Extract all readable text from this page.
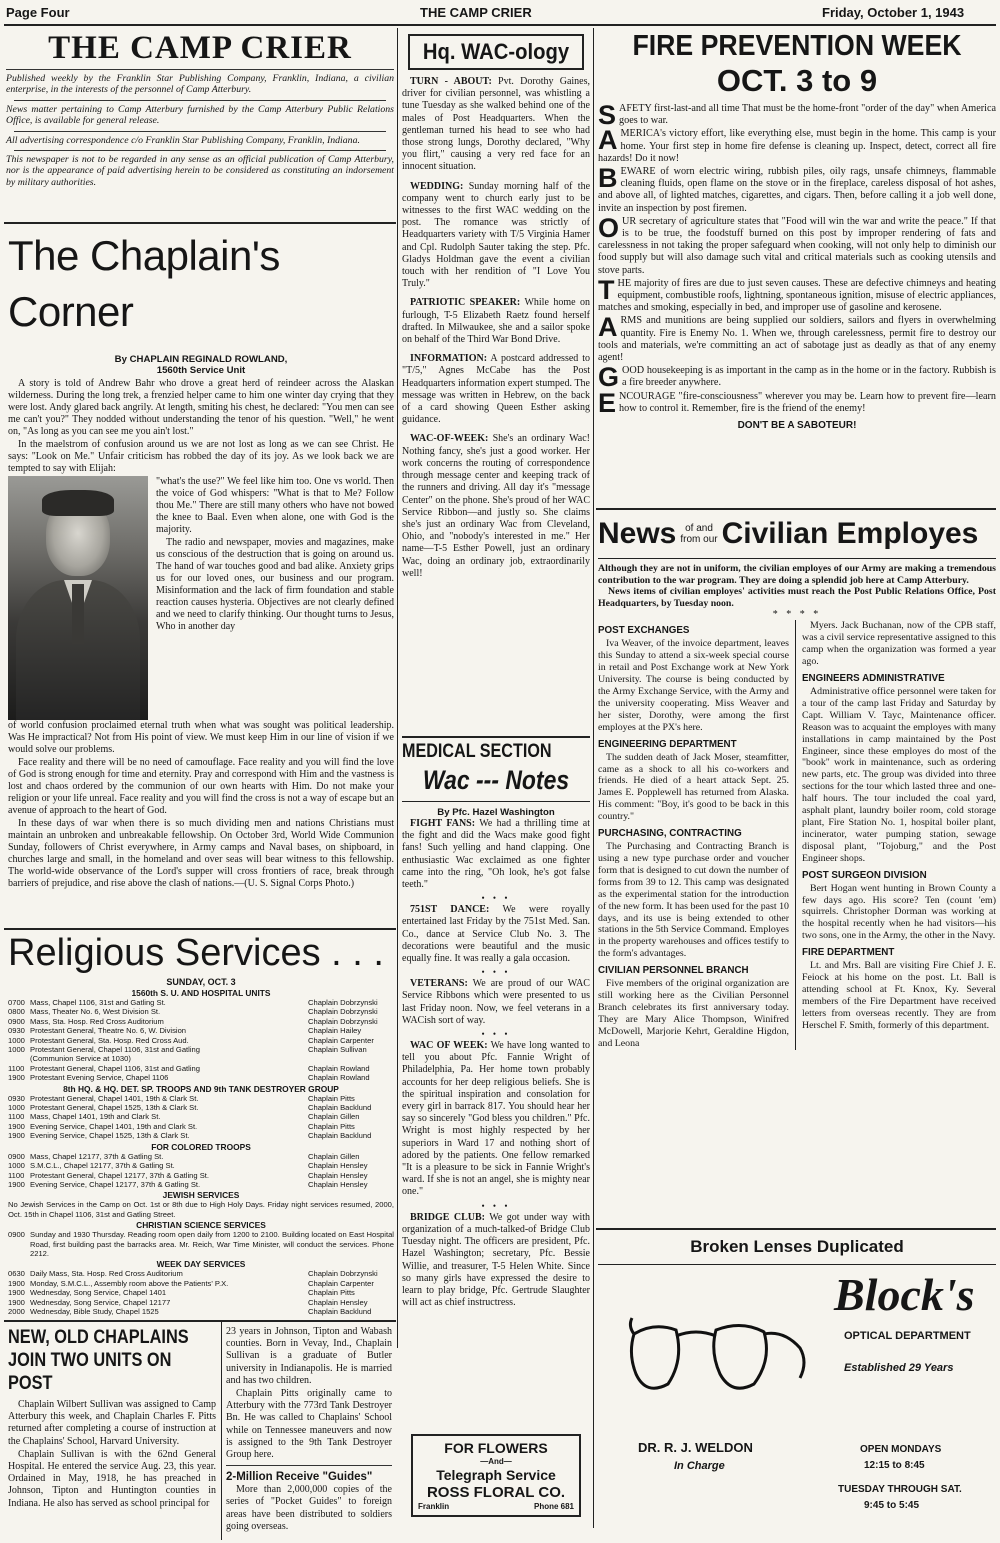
Page Four	THE CAMP CRIER	Friday, October 1, 1943
THE CAMP CRIER
Published weekly by the Franklin Star Publishing Company, Franklin, Indiana, a civilian enterprise, in the interests of the personnel of Camp Atterbury.
News matter pertaining to Camp Atterbury furnished by the Camp Atterbury Public Relations Office, is available for general release.
All advertising correspondence c/o Franklin Star Publishing Company, Franklin, Indiana.
This newspaper is not to be regarded in any sense as an official publication of Camp Atterbury, nor is the appearance of paid advertising herein to be considered as constituting an indorsement by military authorities.
The Chaplain's Corner
By CHAPLAIN REGINALD ROWLAND,
1560th Service Unit

A story is told of Andrew Bahr who drove a great herd of reindeer across the Alaskan wilderness. During the long trek, a frenzied helper came to him one winter day crying that they were lost. Andy glared back angrily. At length, smiting his chest, he declared: "You men can see me can't you?" They nodded without understanding the tenor of his question. "Well," he went on, "As long as you can see me you ain't lost."

In the maelstrom of confusion around us we are not lost as long as we can see Christ. He says: "Look on Me." Unfair criticism has robbed the day of its joy. As we look back we are tempted to say with Elijah:

"what's the use?" We feel like him too. One vs world. Then the voice of God whispers: "What is that to Me? Follow thou Me." There are still many others who have not bowed the knee to Baal. Even when alone, one with God is the majority.

The radio and newspaper, movies and magazines, make us conscious of the destruction that is going on around us. The hand of war touches good and bad alike. Anxiety grips us for our loved ones, our business and our program. Misinformation and the lack of firm foundation and stable reaction causes hysteria. Objectives are not clearly defined and we need to clarify thinking. Our thought turns to Jesus, Who in another day

of world confusion proclaimed eternal truth when what was sought was political leadership. Was He impractical? Not from His point of view. We must keep Him in our line of vision if we would solve our problems.

Face reality and there will be no need of camouflage. Face reality and you will find the love of God is strong enough for time and eternity. Pray and correspond with Him and the vastness is lost and chaos ordered by the communion of our own hearts with Him. Do not make your religion or your life unreal. Face reality and you will find the cross is not a way of escape but an avenue of approach to the heart of God.

In these days of war when there is so much dividing men and nations Christians must maintain an unbroken and unbreakable fellowship. On October 3rd, World Wide Communion Sunday, followers of Christ everywhere, in Army camps and Naval bases, on shipboard, in churches large and small, in the homeland and over seas will bear witness to this fellowship. The world-wide observance of the Lord's supper will cross frontiers of race, break through barriers of prejudice, and rise above the clash of nations.—(U. S. Signal Corps Photo.)

Religious Services . . .
SUNDAY, OCT. 3
1560th S. U. AND HOSPITAL UNITS
0700 Mass, Chapel 1106, 31st and Gatling St.	Chaplain Dobrzynski
0800 Mass, Theater No. 6, West Division St.	Chaplain Dobrzynski
0900 Mass, Sta. Hosp. Red Cross Auditorium	Chaplain Dobrzynski
0930 Protestant General, Theatre No. 6, W. Division	Chaplain Hailey
1000 Protestant General, Sta. Hosp. Red Cross Aud.	Chaplain Carpenter
1000 Protestant General, Chapel 1106, 31st and Gatling	Chaplain Sullivan
(Communion Service at 1030)
1100 Protestant General, Chapel 1106, 31st and Gatling	Chaplain Rowland
1900 Protestant Evening Service, Chapel 1106	Chaplain Rowland
8th HQ. & HQ. DET. SP. TROOPS AND 9th TANK DESTROYER GROUP
0930 Protestant General, Chapel 1401, 19th & Clark St.	Chaplain Pitts
1000 Protestant General, Chapel 1525, 13th & Clark St.	Chaplain Backlund
1100 Mass, Chapel 1401, 19th and Clark St.	Chaplain Gillen
1900 Evening Service, Chapel 1401, 19th and Clark St.	Chaplain Pitts
1900 Evening Service, Chapel 1525, 13th & Clark St.	Chaplain Backlund
FOR COLORED TROOPS
0900 Mass, Chapel 12177, 37th & Gatling St.	Chaplain Gillen
1000 S.M.C.L., Chapel 12177, 37th & Gatling St.	Chaplain Hensley
1100 Protestant General, Chapel 12177, 37th & Gatling St.	Chaplain Hensley
1900 Evening Service, Chapel 12177, 37th & Gatling St.	Chaplain Hensley
JEWISH SERVICES
No Jewish Services in the Camp on Oct. 1st or 8th due to High Holy Days. Friday night services resumed, 2000, Oct. 15th in Chapel 1106, 31st and Gatling Street.
CHRISTIAN SCIENCE SERVICES
0900 Sunday and 1930 Thursday. Reading room open daily from 1200 to 2100. Building located on East Hospital Road, first building past the barracks area. Mr. Reich, War Time Minister, will conduct the services. Phone 2212.
WEEK DAY SERVICES
0630 Daily Mass, Sta. Hosp. Red Cross Auditorium	Chaplain Dobrzynski
1900 Monday, S.M.C.L., Assembly room above the Patients' P.X.	Chaplain Carpenter
1900 Wednesday, Song Service, Chapel 1401	Chaplain Pitts
1900 Wednesday, Song Service, Chapel 12177	Chaplain Hensley
2000 Wednesday, Bible Study, Chapel 1525	Chaplain Backlund
NEW, OLD CHAPLAINS JOIN TWO UNITS ON POST

Chaplain Wilbert Sullivan was assigned to Camp Atterbury this week, and Chaplain Charles F. Pitts returned after completing a course of instruction at the Chaplains' School, Harvard University.

Chaplain Sullivan is with the 62nd General Hospital. He entered the service Aug. 23, this year. Ordained in May, 1918, he has preached in Johnson, Tipton and Huntington counties in Indiana. He also has served as school principal for

23 years in Johnson, Tipton and Wabash counties. Born in Vevay, Ind., Chaplain Sullivan is a graduate of Butler university in Indianapolis. He is married and has two children.

Chaplain Pitts originally came to Atterbury with the 773rd Tank Destroyer Bn. He was called to Chaplains' School while on Tennessee maneuvers and now is assigned to the 9th Tank Destroyer Group here.

2-Million Receive "Guides"

More than 2,000,000 copies of the series of "Pocket Guides" to foreign areas have been distributed to soldiers going overseas.

Hq. WAC-ology

TURN - ABOUT: Pvt. Dorothy Gaines, driver for civilian personnel, was whistling a tune Tuesday as she walked behind one of the males of Post Headquarters. When the gentleman turned his head to see who had those strong lungs, Dorothy declared, "Why you flirt," causing a very red face for an innocent situation.

WEDDING: Sunday morning half of the company went to church early just to be witnesses to the first WAC wedding on the post. The romance was strictly of Headquarters variety with T/5 Virginia Hamer and Cpl. Rudolph Sauter taking the step. Pfc. Gladys Holdman gave the event a civilian touch with her rendition of "I Love You Truly."

PATRIOTIC SPEAKER: While home on furlough, T-5 Elizabeth Raetz found herself drafted. In Milwaukee, she and a sailor spoke on behalf of the Third War Bond Drive.

INFORMATION: A postcard addressed to "T/5," Agnes McCabe has the Post Headquarters information expert stumped. The message was written in Hebrew, on the back of a card showing Queen Esther asking guidance.

WAC-OF-WEEK: She's an ordinary Wac! Nothing fancy, she's just a good worker. Her work concerns the routing of correspondence through message center and keeping track of the runners and driving. All day it's "message Center" on the phone. She's proud of her WAC Service Ribbon—and justly so. She claims she's just an ordinary Wac from Cleveland, Ohio, and "nobody's interested in me." Her name—T-5 Esther Powell, just an ordinary Wac, doing an ordinary job, extraordinarily well!

MEDICAL SECTION
Wac --- Notes
By Pfc. Hazel Washington

FIGHT FANS: We had a thrilling time at the fight and did the Wacs make good fight fans! Such yelling and hand clapping. One enthusiastic Wac exclaimed as one fighter came into the ring, "Oh look, he's got false teeth."

• • •

751ST DANCE: We were royally entertained last Friday by the 751st Med. San. Co., dance at Service Club No. 3. The decorations were beautiful and the music equally fine. It was really a gala occasion.

• • •

VETERANS: We are proud of our WAC Service Ribbons which were presented to us last Friday noon. Now, we feel veterans in a WACish sort of way.

• • •

WAC OF WEEK: We have long wanted to tell you about Pfc. Fannie Wright of Philadelphia, Pa. Her home town probably accounts for her deep religious beliefs. She is the spiritual inspiration and consolation for every girl in barrack 817. You should hear her say so sincerely "God bless you children." Pfc. Wright is most highly respected by her superiors in Ward 17 and nothing short of adored by the patients. One fellow remarked "It is a pleasure to be sick in Fannie Wright's ward. If she is not an angel, she is mighty near one."

• • •

BRIDGE CLUB: We got under way with organization of a much-talked-of Bridge Club Tuesday night. The officers are president, Pfc. Hazel Washington; secretary, Pfc. Bessie Willie, and treasurer, T-5 Helen White. Since so many girls have expressed the desire to learn to play bridge, Pfc. Gertrude Slaughter will act as chief instructress.

FOR FLOWERS
—And—
Telegraph Service
ROSS FLORAL CO.
Franklin	Phone 681
FIRE PREVENTION WEEK
OCT. 3 to 9

SAFETY first-last-and all time That must be the home-front "order of the day" when America goes to war.

AMERICA's victory effort, like everything else, must begin in the home. This camp is your home. Your first step in home fire defense is cleaning up. Inspect, detect, correct all fire hazards! Do it now!

BEWARE of worn electric wiring, rubbish piles, oily rags, unsafe chimneys, flammable cleaning fluids, open flame on the stove or in the fireplace, careless disposal of hot ashes, and above all, of lighted matches, cigarettes, and cigars. Then, before calling it a job well done, invite an inspection by post firemen.

OUR secretary of agriculture states that "Food will win the war and write the peace." If that is to be true, the foodstuff burned on this post by improper rendering of fats and carelessness in not taking the proper safeguard when cooking, will not only help to diminish our food supply but will also damage such vital and critical materials such as cooking utensils and stove parts.

THE majority of fires are due to just seven causes. These are defective chimneys and heating equipment, combustible roofs, lightning, spontaneous ignition, misuse of electric appliances, matches and smoking, especially in bed, and improper use of gasoline and kerosene.

ARMS and munitions are being supplied our soldiers, sailors and flyers in overwhelming quantity. Fire is Enemy No. 1. When we, through carelessness, permit fire to destroy our tools and materials, we're committing an act of sabotage just as deadly as that of any enemy agent!

GOOD housekeeping is as important in the camp as in the home or in the factory. Rubbish is a fire breeder anywhere.

ENCOURAGE "fire-consciousness" wherever you may be. Learn how to prevent fire—learn how to control it. Remember, fire is the friend of the enemy!

DON'T BE A SABOTEUR!
News of and
from our Civilian Employes
Although they are not in uniform, the civilian employes of our Army are making a tremendous contribution to the war program. They are doing a splendid job here at Camp Atterbury.
News items of civilian employes' activities must reach the Post Public Relations Office, Post Headquarters, by Tuesday noon.
* * * *
POST EXCHANGES

Iva Weaver, of the invoice department, leaves this Sunday to attend a six-week special course in retail and Post Exchange work at New York University. The course is being conducted by the Army Exchange Service, with the Army and the university cooperating. Miss Weaver and her sister, Dorothy, were among the first employes at the PX's here.

ENGINEERING DEPARTMENT

The sudden death of Jack Moser, steamfitter, came as a shock to all his co-workers and friends. He died of a heart attack Sept. 25. James E. Popplewell has returned from Alaska. His comment: "Boy, it's good to be back in this country."

PURCHASING, CONTRACTING

The Purchasing and Contracting Branch is using a new type purchase order and voucher form that is designed to cut down the number of forms from 39 to 12. This camp was designated as the experimental station for the introduction of the new form. It has been used for the past 10 days, and its use is being extended to other stations in the 5th Service Command. Employes in the property warehouses and offices testify to the form's advantages.

CIVILIAN PERSONNEL BRANCH

Five members of the original organization are still working here as the Civilian Personnel Branch celebrates its first anniversary today. They are Mary Alice Thompson, Winifred McDowell, Marjorie Kehrt, Geraldine Higdon, and Leona

Myers. Jack Buchanan, now of the CPB staff, was a civil service representative assigned to this camp when the organization was formed a year ago.

ENGINEERS ADMINISTRATIVE

Administrative office personnel were taken for a tour of the camp last Friday and Saturday by Capt. William V. Tayc, Maintenance officer. Reason was to acquaint the employes with many installations in camp maintained by the Post Engineer, since these employes do most of the "book" work in maintenance, such as ordering new parts, etc. The group was divided into three sections for the tour which lasted three and one-half hours. The tour included the coal yard, asphalt plant, laundry boiler room, cold storage plant, Fire Station No. 1, hospital boiler plant, incinerator, water pumping station, sewage disposal plant, "Tojoburg," and the Post Engineer shops.

POST SURGEON DIVISION

Bert Hogan went hunting in Brown County a few days ago. His score? Ten (count 'em) squirrels. Christopher Dorman was working at the hospital recently when he had visitors—his two sons, one in the Army, the other in the Navy.

FIRE DEPARTMENT

Lt. and Mrs. Ball are visiting Fire Chief J. E. Feiock at his home on the post. Lt. Ball is attending school at Ft. Knox, Ky. Several members of the Fire Department have received letters from overseas recently. They are from Herschel F. Smith, formerly of this department.

Broken Lenses Duplicated
Block's
OPTICAL DEPARTMENT
Established 29 Years
DR. R. J. WELDON
In Charge
OPEN MONDAYS
12:15 to 8:45
TUESDAY THROUGH SAT.
9:45 to 5:45
